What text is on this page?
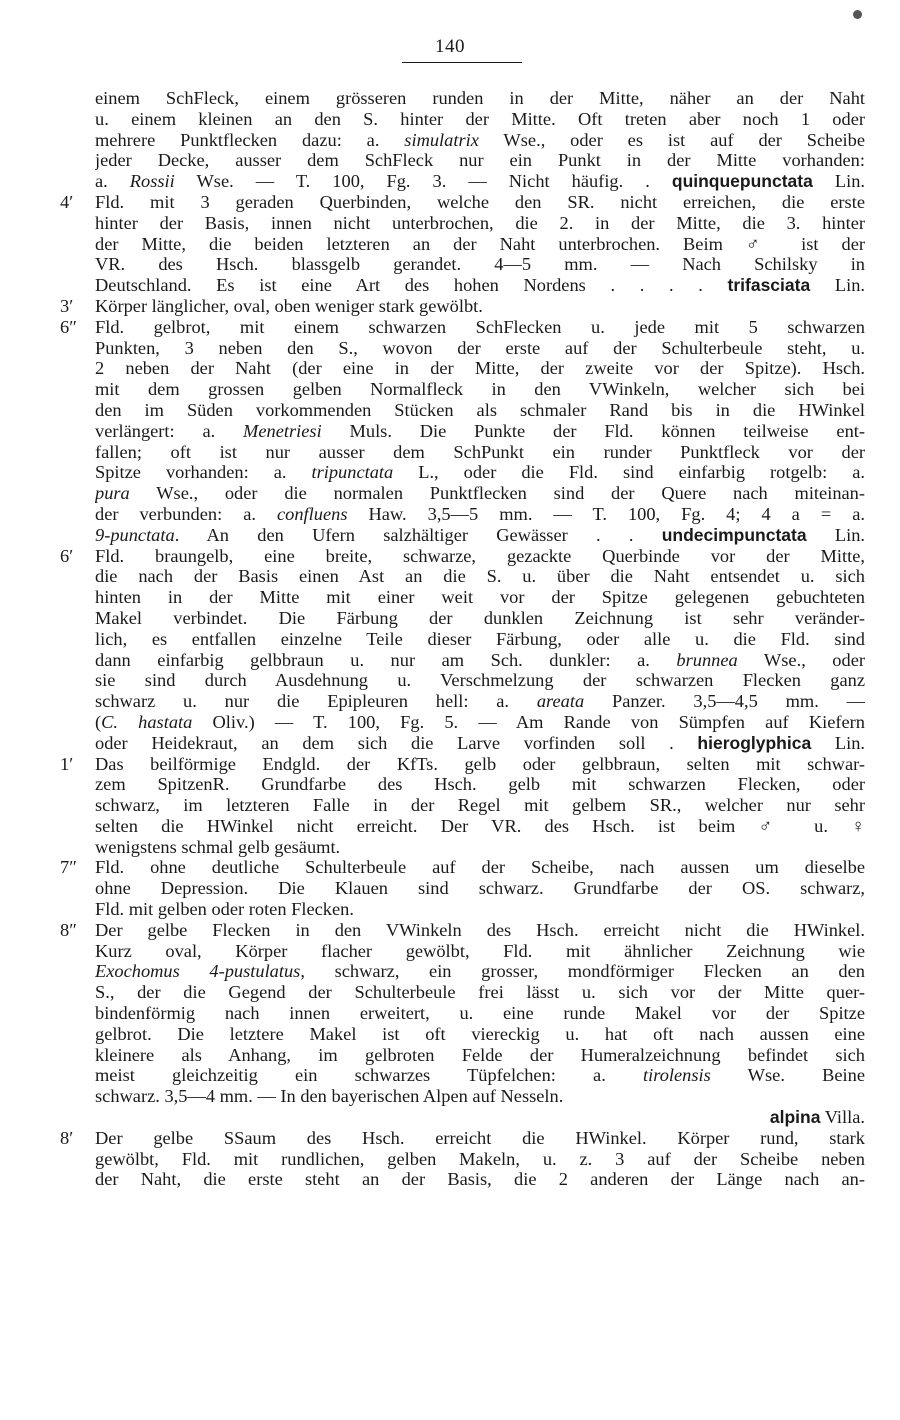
140
einem SchFleck, einem grösseren runden in der Mitte, näher an der Naht
u. einem kleinen an den S. hinter der Mitte. Oft treten aber noch 1 oder
mehrere Punktflecken dazu: a. simulatrix Wse., oder es ist auf der Scheibe
jeder Decke, ausser dem SchFleck nur ein Punkt in der Mitte vorhanden:
a. Rossii Wse. — T. 100, Fg. 3. — Nicht häufig. . quinquepunctata Lin.
4′ Fld. mit 3 geraden Querbinden, welche den SR. nicht erreichen, die erste
hinter der Basis, innen nicht unterbrochen, die 2. in der Mitte, die 3. hinter
der Mitte, die beiden letzteren an der Naht unterbrochen. Beim ♂ ist der
VR. des Hsch. blassgelb gerandet. 4—5 mm. — Nach Schilsky in
Deutschland. Es ist eine Art des hohen Nordens . . . . trifasciata Lin.
3′ Körper länglicher, oval, oben weniger stark gewölbt.
6″ Fld. gelbrot, mit einem schwarzen SchFlecken u. jede mit 5 schwarzen
Punkten, 3 neben den S., wovon der erste auf der Schulterbeule steht, u.
2 neben der Naht (der eine in der Mitte, der zweite vor der Spitze). Hsch.
mit dem grossen gelben Normalfleck in den VWinkeln, welcher sich bei
den im Süden vorkommenden Stücken als schmaler Rand bis in die HWinkel
verlängert: a. Menetriesi Muls. Die Punkte der Fld. können teilweise ent-
fallen; oft ist nur ausser dem SchPunkt ein runder Punktfleck vor der
Spitze vorhanden: a. tripunctata L., oder die Fld. sind einfarbig rotgelb: a.
pura Wse., oder die normalen Punktflecken sind der Quere nach miteinan-
der verbunden: a. confluens Haw. 3,5—5 mm. — T. 100, Fg. 4; 4 a = a.
9-punctata. An den Ufern salzhältiger Gewässer . . undecimpunctata Lin.
6′ Fld. braungelb, eine breite, schwarze, gezackte Querbinde vor der Mitte,
die nach der Basis einen Ast an die S. u. über die Naht entsendet u. sich
hinten in der Mitte mit einer weit vor der Spitze gelegenen gebuchteten
Makel verbindet. Die Färbung der dunklen Zeichnung ist sehr veränder-
lich, es entfallen einzelne Teile dieser Färbung, oder alle u. die Fld. sind
dann einfarbig gelbbraun u. nur am Sch. dunkler: a. brunnea Wse., oder
sie sind durch Ausdehnung u. Verschmelzung der schwarzen Flecken ganz
schwarz u. nur die Epipleuren hell: a. areata Panzer. 3,5—4,5 mm. —
(C. hastata Oliv.) — T. 100, Fg. 5. — Am Rande von Sümpfen auf Kiefern
oder Heidekraut, an dem sich die Larve vorfinden soll . hieroglyphica Lin.
1′ Das beilförmige Endgld. der KfTs. gelb oder gelbbraun, selten mit schwar-
zem SpitzenR. Grundfarbe des Hsch. gelb mit schwarzen Flecken, oder
schwarz, im letzteren Falle in der Regel mit gelbem SR., welcher nur sehr
selten die HWinkel nicht erreicht. Der VR. des Hsch. ist beim ♂ u. ♀
wenigstens schmal gelb gesäumt.
7″ Fld. ohne deutliche Schulterbeule auf der Scheibe, nach aussen um dieselbe
ohne Depression. Die Klauen sind schwarz. Grundfarbe der OS. schwarz,
Fld. mit gelben oder roten Flecken.
8″ Der gelbe Flecken in den VWinkeln des Hsch. erreicht nicht die HWinkel.
Kurz oval, Körper flacher gewölbt, Fld. mit ähnlicher Zeichnung wie
Exochomus 4-pustulatus, schwarz, ein grosser, mondförmiger Flecken an den
S., der die Gegend der Schulterbeule frei lässt u. sich vor der Mitte quer-
bindenförmig nach innen erweitert, u. eine runde Makel vor der Spitze
gelbrot. Die letztere Makel ist oft viereckig u. hat oft nach aussen eine
kleinere als Anhang, im gelbroten Felde der Humeralzeichnung befindet sich
meist gleichzeitig ein schwarzes Tüpfelchen: a. tirolensis Wse. Beine
schwarz. 3,5—4 mm. — In den bayerischen Alpen auf Nesseln.
alpina Villa.
8′ Der gelbe SSaum des Hsch. erreicht die HWinkel. Körper rund, stark
gewölbt, Fld. mit rundlichen, gelben Makeln, u. z. 3 auf der Scheibe neben
der Naht, die erste steht an der Basis, die 2 anderen der Länge nach an-
